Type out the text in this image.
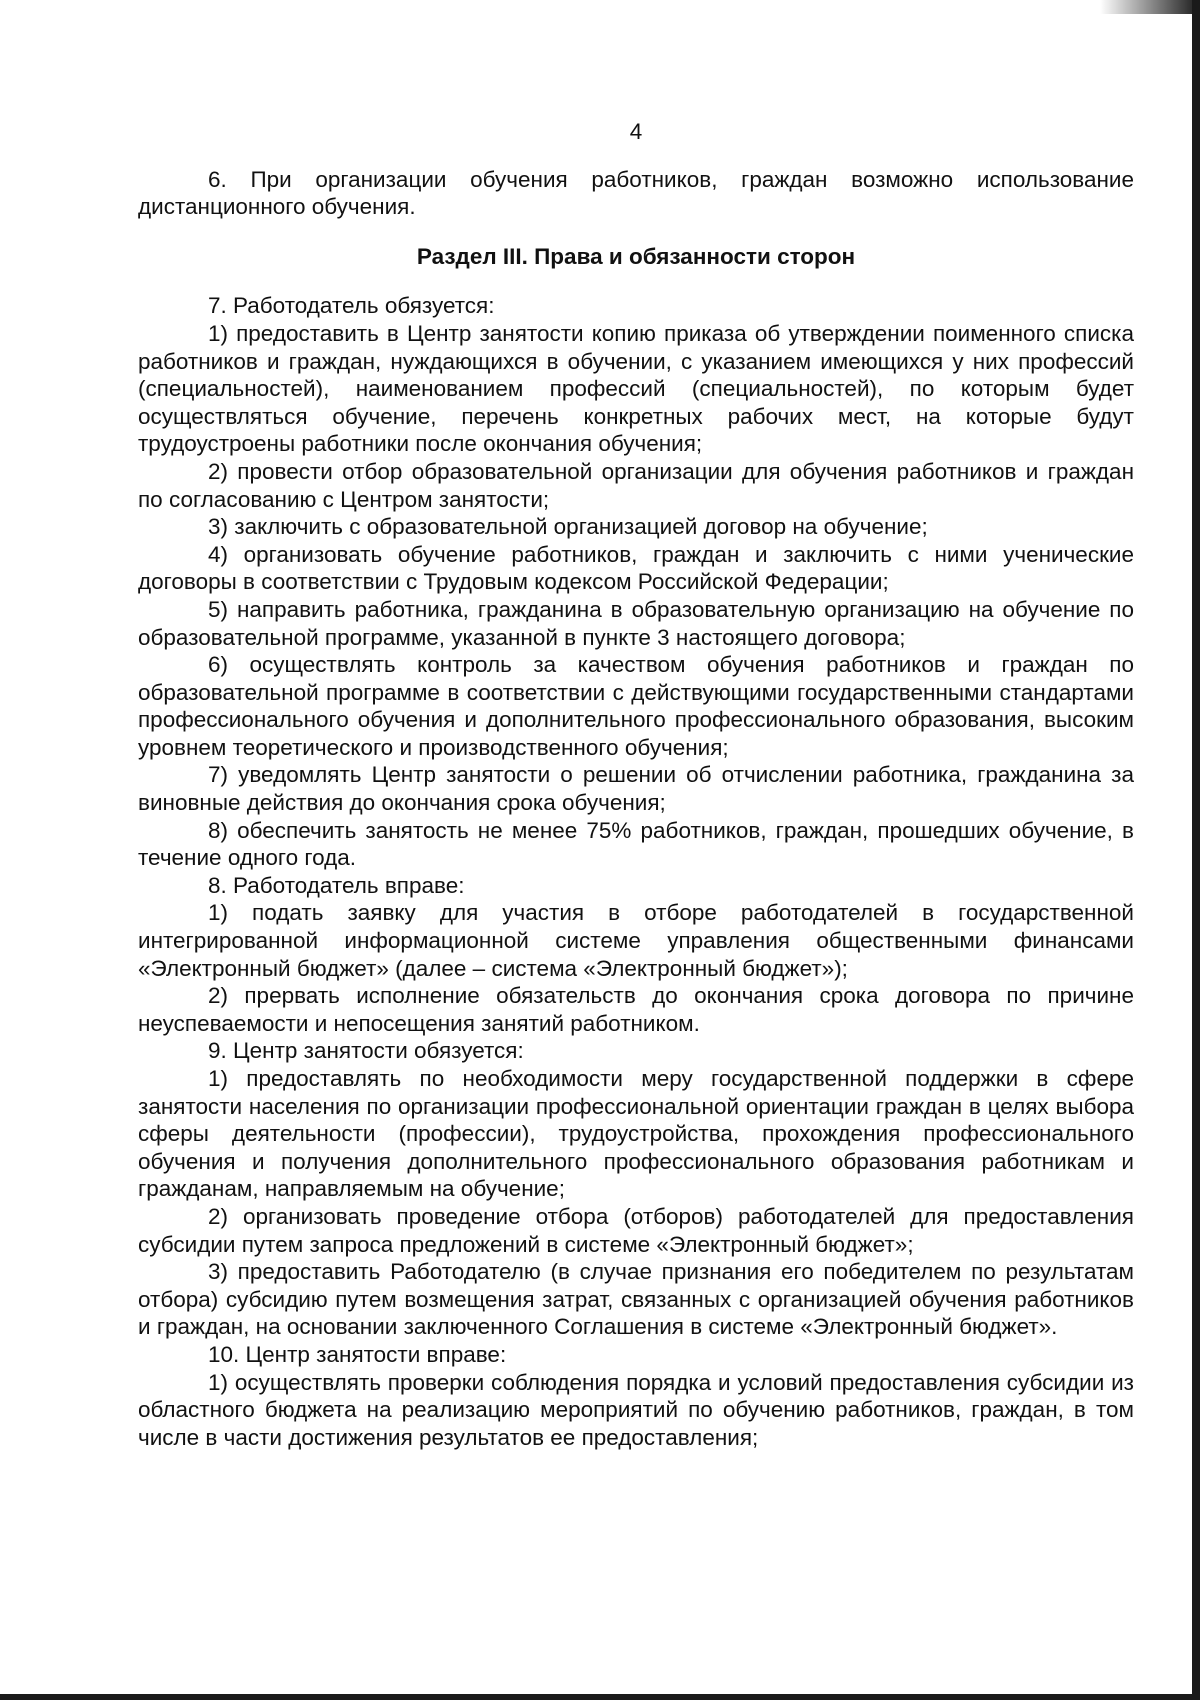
4

6. При организации обучения работников, граждан возможно использование дистанционного обучения.

Раздел III. Права и обязанности сторон

7. Работодатель обязуется:

1) предоставить в Центр занятости копию приказа об утверждении поименного списка работников и граждан, нуждающихся в обучении, с указанием имеющихся у них профессий (специальностей), наименованием профессий (специальностей), по которым будет осуществляться обучение, перечень конкретных рабочих мест, на которые будут трудоустроены работники после окончания обучения;

2) провести отбор образовательной организации для обучения работников и граждан по согласованию с Центром занятости;

3) заключить с образовательной организацией договор на обучение;

4) организовать обучение работников, граждан и заключить с ними ученические договоры в соответствии с Трудовым кодексом Российской Федерации;

5) направить работника, гражданина в образовательную организацию на обучение по образовательной программе, указанной в пункте 3 настоящего договора;

6) осуществлять контроль за качеством обучения работников и граждан по образовательной программе в соответствии с действующими государственными стандартами профессионального обучения и дополнительного профессионального образования, высоким уровнем теоретического и производственного обучения;

7) уведомлять Центр занятости о решении об отчислении работника, гражданина за виновные действия до окончания срока обучения;

8) обеспечить занятость не менее 75% работников, граждан, прошедших обучение, в течение одного года.

8. Работодатель вправе:

1) подать заявку для участия в отборе работодателей в государственной интегрированной информационной системе управления общественными финансами «Электронный бюджет» (далее – система «Электронный бюджет»);

2) прервать исполнение обязательств до окончания срока договора по причине неуспеваемости и непосещения занятий работником.

9. Центр занятости обязуется:

1) предоставлять по необходимости меру государственной поддержки в сфере занятости населения по организации профессиональной ориентации граждан в целях выбора сферы деятельности (профессии), трудоустройства, прохождения профессионального обучения и получения дополнительного профессионального образования работникам и гражданам, направляемым на обучение;

2) организовать проведение отбора (отборов) работодателей для предоставления субсидии путем запроса предложений в системе «Электронный бюджет»;

3) предоставить Работодателю (в случае признания его победителем по результатам отбора) субсидию путем возмещения затрат, связанных с организацией обучения работников и граждан, на основании заключенного Соглашения в системе «Электронный бюджет».

10. Центр занятости вправе:

1) осуществлять проверки соблюдения порядка и условий предоставления субсидии из областного бюджета на реализацию мероприятий по обучению работников, граждан, в том числе в части достижения результатов ее предоставления;
